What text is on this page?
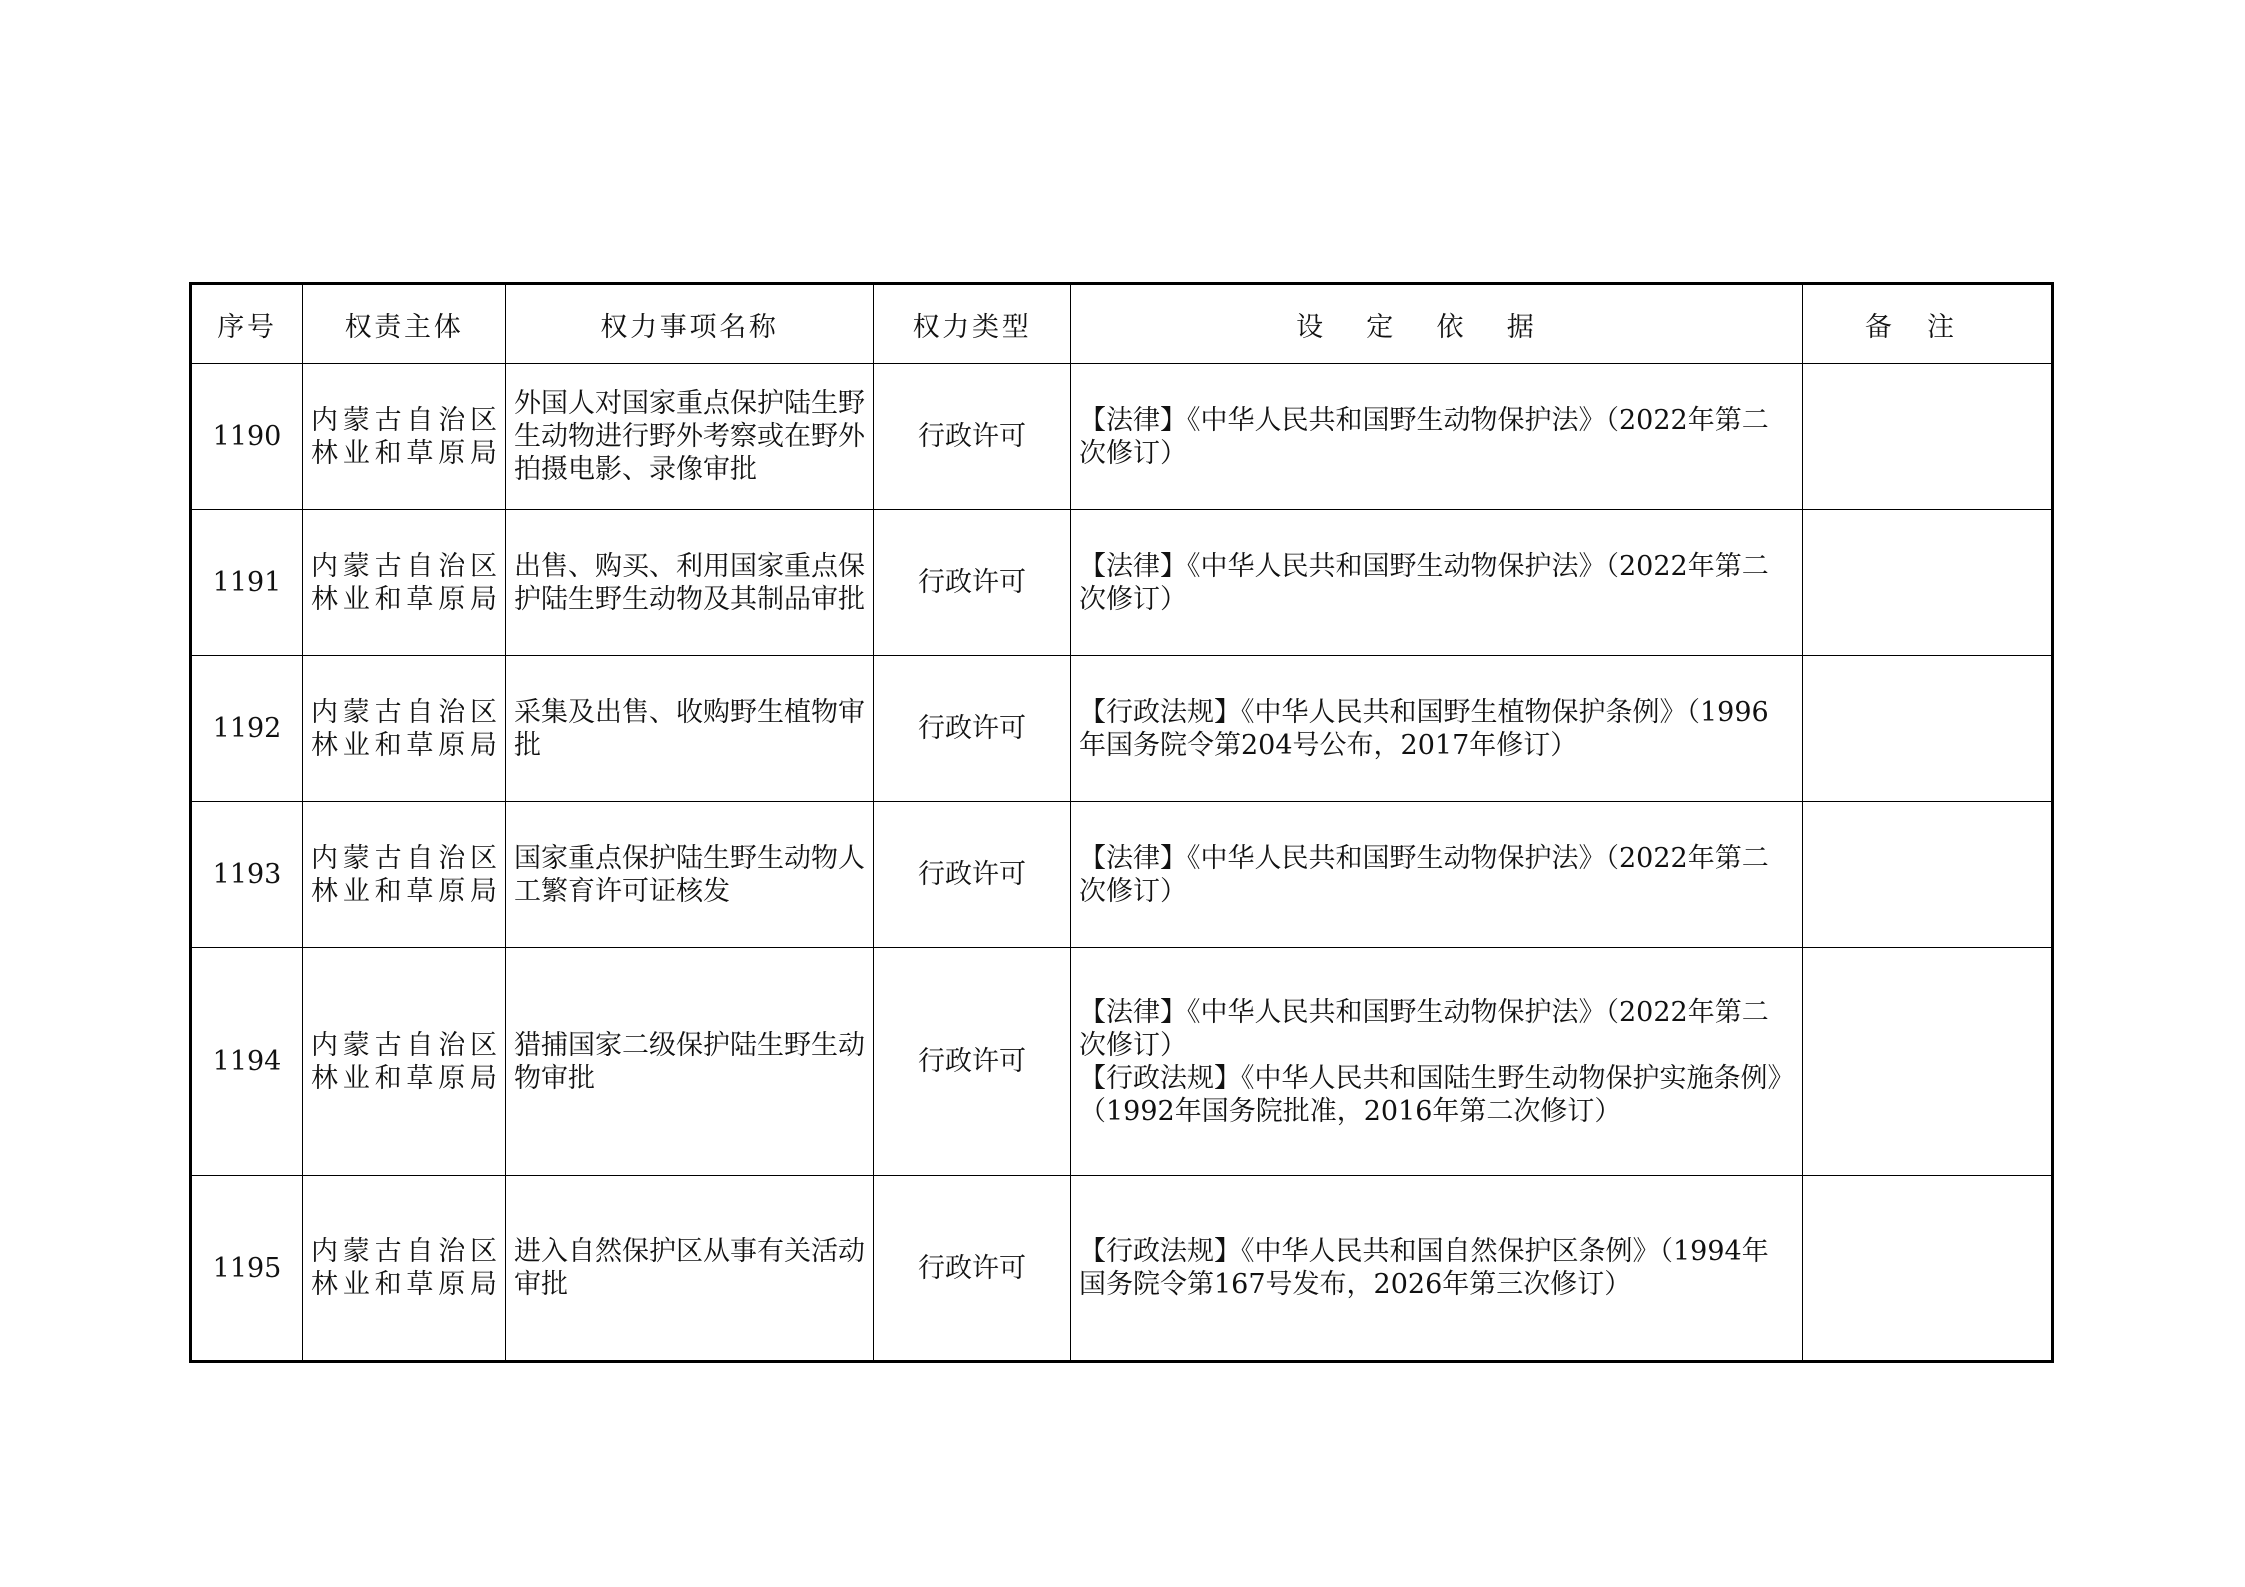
序号	权责主体	权力事项名称	权力类型	设定依据	备注
1190	内蒙古自治区林业和草原局	外国人对国家重点保护陆生野生动物进行野外考察或在野外拍摄电影、录像审批	行政许可	【法律】《中华人民共和国野生动物保护法》（2022年第二次修订）	

1191	内蒙古自治区林业和草原局	出售、购买、利用国家重点保护陆生野生动物及其制品审批	行政许可	【法律】《中华人民共和国野生动物保护法》（2022年第二次修订）	

1192	内蒙古自治区林业和草原局	采集及出售、收购野生植物审批	行政许可	【行政法规】《中华人民共和国野生植物保护条例》（1996年国务院令第204号公布，2017年修订）	

1193	内蒙古自治区林业和草原局	国家重点保护陆生野生动物人工繁育许可证核发	行政许可	【法律】《中华人民共和国野生动物保护法》（2022年第二次修订）	

1194	内蒙古自治区林业和草原局	猎捕国家二级保护陆生野生动物审批	行政许可	【法律】《中华人民共和国野生动物保护法》（2022年第二次修订）
【行政法规】《中华人民共和国陆生野生动物保护实施条例》（1992年国务院批准，2016年第二次修订）	

1195	内蒙古自治区林业和草原局	进入自然保护区从事有关活动审批	行政许可	【行政法规】《中华人民共和国自然保护区条例》（1994年国务院令第167号发布，2026年第三次修订）	
